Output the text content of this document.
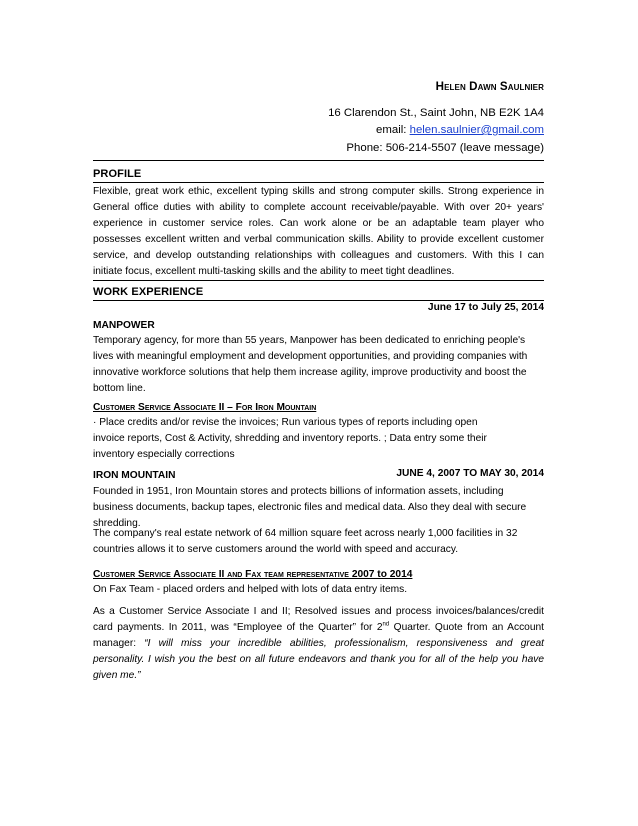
Helen Dawn Saulnier
16 Clarendon St., Saint John, NB E2K 1A4
email: helen.saulnier@gmail.com
Phone: 506-214-5507 (leave message)
PROFILE

Flexible, great work ethic, excellent typing skills and strong computer skills. Strong experience in General office duties with ability to complete account receivable/payable. With over 20+ years' experience in customer service roles. Can work alone or be an adaptable team player who possesses excellent written and verbal communication skills. Ability to provide excellent customer service, and develop outstanding relationships with colleagues and customers. With this I can initiate focus, excellent multi-tasking skills and the ability to meet tight deadlines.

WORK EXPERIENCE
June 17 to July 25, 2014
MANPOWER

Temporary agency, for more than 55 years, Manpower has been dedicated to enriching people's lives with meaningful employment and development opportunities, and providing companies with innovative workforce solutions that help them increase agility, improve productivity and boost the bottom line.

Customer Service Associate II – For Iron Mountain
· Place credits and/or revise the invoices; Run various types of reports including open
invoice reports, Cost & Activity, shredding and inventory reports. ; Data entry some their
inventory especially corrections
IRON MOUNTAIN	JUNE 4, 2007 TO MAY 30, 2014

Founded in 1951, Iron Mountain stores and protects billions of information assets, including business documents, backup tapes, electronic files and medical data. Also they deal with secure shredding.

The company's real estate network of 64 million square feet across nearly 1,000 facilities in 32 countries allows it to serve customers around the world with speed and accuracy.

Customer Service Associate II and Fax team representative 2007 to 2014
On Fax Team - placed orders and helped with lots of data entry items.

As a Customer Service Associate I and II; Resolved issues and process invoices/balances/credit card payments. In 2011, was “Employee of the Quarter” for 2nd Quarter. Quote from an Account manager: “I will miss your incredible abilities, professionalism, responsiveness and great personality. I wish you the best on all future endeavors and thank you for all of the help you have given me.”
